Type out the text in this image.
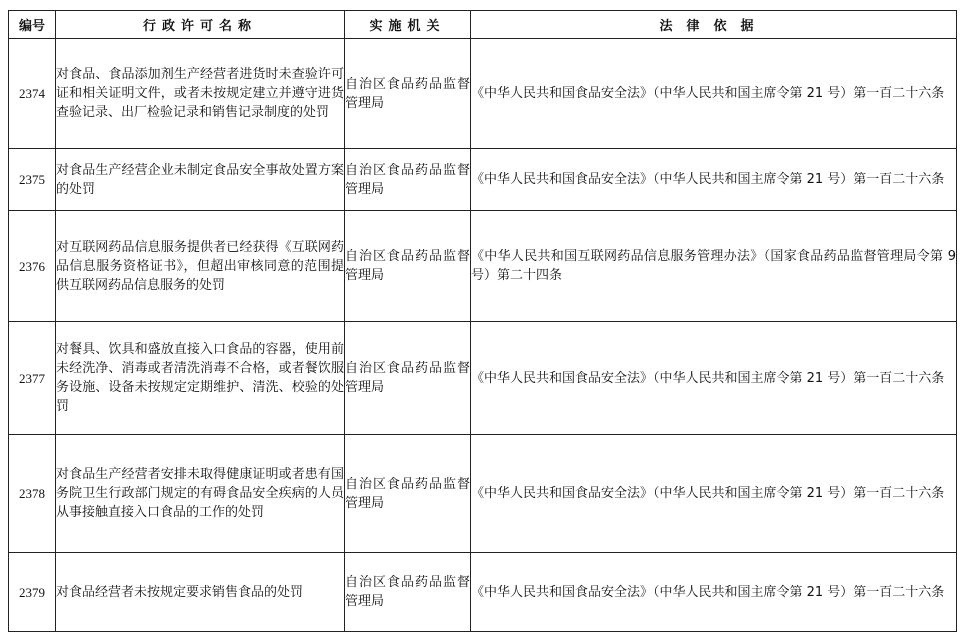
编号	行政许可名称	实施机关	法律依据
2374	对食品、食品添加剂生产经营者进货时未查验许可证和相关证明文件，或者未按规定建立并遵守进货查验记录、出厂检验记录和销售记录制度的处罚	自治区食品药品监督管理局	《中华人民共和国食品安全法》（中华人民共和国主席令第 21 号）第一百二十六条
2375	对食品生产经营企业未制定食品安全事故处置方案的处罚	自治区食品药品监督管理局	《中华人民共和国食品安全法》（中华人民共和国主席令第 21 号）第一百二十六条
2376	对互联网药品信息服务提供者已经获得《互联网药品信息服务资格证书》，但超出审核同意的范围提供互联网药品信息服务的处罚	自治区食品药品监督管理局	《中华人民共和国互联网药品信息服务管理办法》（国家食品药品监督管理局令第 9 号）第二十四条
2377	对餐具、饮具和盛放直接入口食品的容器，使用前未经洗净、消毒或者清洗消毒不合格，或者餐饮服务设施、设备未按规定定期维护、清洗、校验的处罚	自治区食品药品监督管理局	《中华人民共和国食品安全法》（中华人民共和国主席令第 21 号）第一百二十六条
2378	对食品生产经营者安排未取得健康证明或者患有国务院卫生行政部门规定的有碍食品安全疾病的人员从事接触直接入口食品的工作的处罚	自治区食品药品监督管理局	《中华人民共和国食品安全法》（中华人民共和国主席令第 21 号）第一百二十六条
2379	对食品经营者未按规定要求销售食品的处罚	自治区食品药品监督管理局	《中华人民共和国食品安全法》（中华人民共和国主席令第 21 号）第一百二十六条
